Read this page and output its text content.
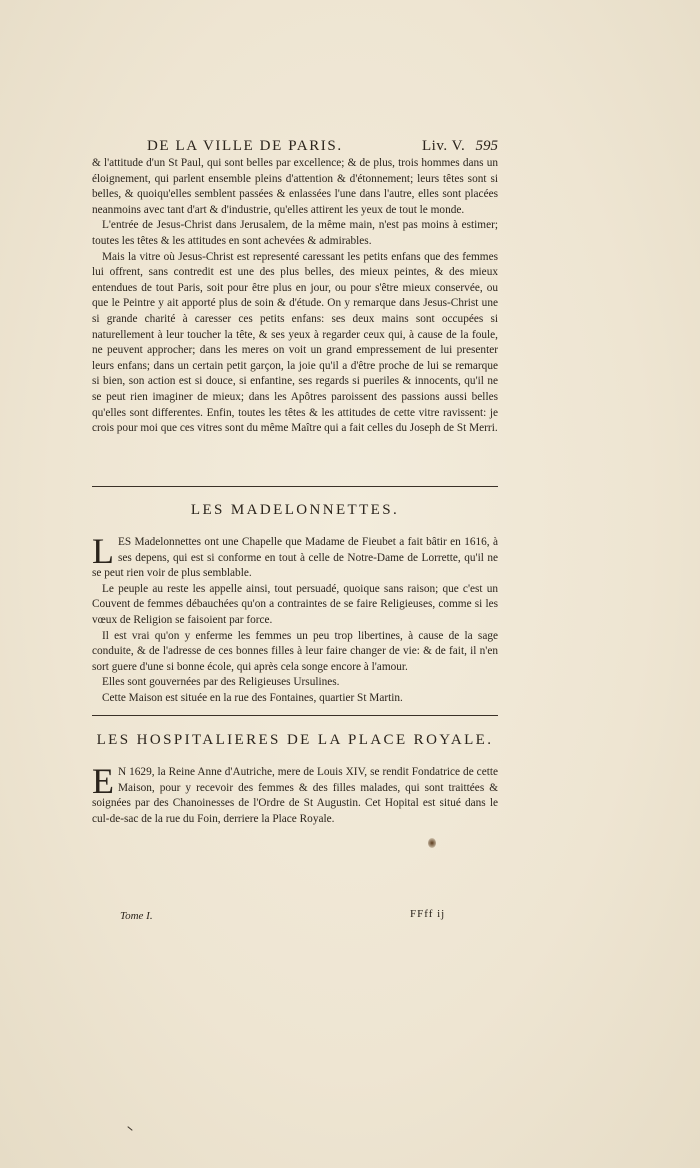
DE LA VILLE DE PARIS.	Liv. V. 595

& l'attitude d'un St Paul, qui sont belles par excellence; & de plus, trois hommes dans un éloignement, qui parlent ensemble pleins d'attention & d'étonnement; leurs têtes sont si belles, & quoiqu'elles semblent passées & enlassées l'une dans l'autre, elles sont placées neanmoins avec tant d'art & d'industrie, qu'elles attirent les yeux de tout le monde.

L'entrée de Jesus-Christ dans Jerusalem, de la même main, n'est pas moins à estimer; toutes les têtes & les attitudes en sont achevées & admirables.

Mais la vitre où Jesus-Christ est representé caressant les petits enfans que des femmes lui offrent, sans contredit est une des plus belles, des mieux peintes, & des mieux entendues de tout Paris, soit pour être plus en jour, ou pour s'être mieux conservée, ou que le Peintre y ait apporté plus de soin & d'étude. On y remarque dans Jesus-Christ une si grande charité à caresser ces petits enfans: ses deux mains sont occupées si naturellement à leur toucher la tête, & ses yeux à regarder ceux qui, à cause de la foule, ne peuvent approcher; dans les meres on voit un grand empressement de lui presenter leurs enfans; dans un certain petit garçon, la joie qu'il a d'être proche de lui se remarque si bien, son action est si douce, si enfantine, ses regards si pueriles & innocents, qu'il ne se peut rien imaginer de mieux; dans les Apôtres paroissent des passions aussi belles qu'elles sont differentes. Enfin, toutes les têtes & les attitudes de cette vitre ravissent: je crois pour moi que ces vitres sont du même Maître qui a fait celles du Joseph de St Merri.

LES MADELONNETTES.

LES Madelonnettes ont une Chapelle que Madame de Fieubet a fait bâtir en 1616, à ses depens, qui est si conforme en tout à celle de Notre-Dame de Lorrette, qu'il ne se peut rien voir de plus semblable.

Le peuple au reste les appelle ainsi, tout persuadé, quoique sans raison; que c'est un Couvent de femmes débauchées qu'on a contraintes de se faire Religieuses, comme si les vœux de Religion se faisoient par force.

Il est vrai qu'on y enferme les femmes un peu trop libertines, à cause de la sage conduite, & de l'adresse de ces bonnes filles à leur faire changer de vie: & de fait, il n'en sort guere d'une si bonne école, qui après cela songe encore à l'amour.

Elles sont gouvernées par des Religieuses Ursulines.

Cette Maison est située en la rue des Fontaines, quartier St Martin.

LES HOSPITALIERES DE LA PLACE ROYALE.

E N 1629, la Reine Anne d'Autriche, mere de Louis XIV, se rendit Fondatrice de cette Maison, pour y recevoir des femmes & des filles malades, qui sont traittées & soignées par des Chanoinesses de l'Ordre de St Augustin. Cet Hopital est situé dans le cul-de-sac de la rue du Foin, derriere la Place Royale.

Tome I.	FFff ij
